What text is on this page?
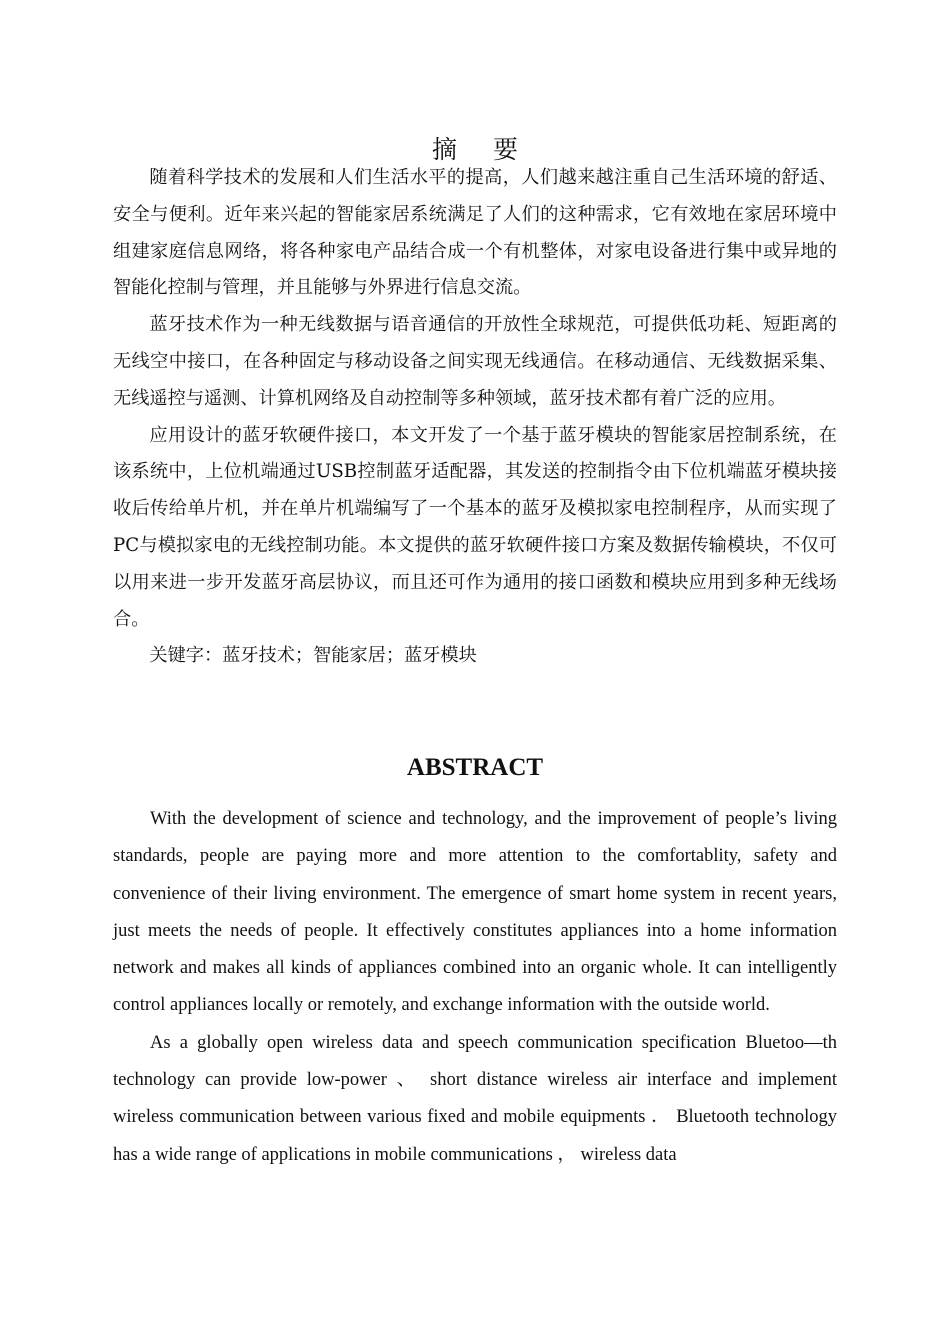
摘 要

随着科学技术的发展和人们生活水平的提高，人们越来越注重自己生活环境的舒适、安全与便利。近年来兴起的智能家居系统满足了人们的这种需求，它有效地在家居环境中组建家庭信息网络，将各种家电产品结合成一个有机整体，对家电设备进行集中或异地的智能化控制与管理，并且能够与外界进行信息交流。

蓝牙技术作为一种无线数据与语音通信的开放性全球规范，可提供低功耗、短距离的无线空中接口，在各种固定与移动设备之间实现无线通信。在移动通信、无线数据采集、无线遥控与遥测、计算机网络及自动控制等多种领域，蓝牙技术都有着广泛的应用。

应用设计的蓝牙软硬件接口，本文开发了一个基于蓝牙模块的智能家居控制系统，在该系统中，上位机端通过USB控制蓝牙适配器，其发送的控制指令由下位机端蓝牙模块接收后传给单片机，并在单片机端编写了一个基本的蓝牙及模拟家电控制程序，从而实现了PC与模拟家电的无线控制功能。本文提供的蓝牙软硬件接口方案及数据传输模块，不仅可以用来进一步开发蓝牙高层协议，而且还可作为通用的接口函数和模块应用到多种无线场合。

关键字：蓝牙技术；智能家居；蓝牙模块

ABSTRACT

With the development of science and technology, and the improvement of people’s living standards, people are paying more and more attention to the comfortablity, safety and convenience of their living environment. The emergence of smart home system in recent years, just meets the needs of people. It effectively constitutes appliances into a home information network and makes all kinds of appliances combined into an organic whole. It can intelligently control appliances locally or remotely, and exchange information with the outside world.

As a globally open wireless data and speech communication specification Bluetoo—th technology can provide low-power 、 short distance wireless air interface and implement wireless communication between various fixed and mobile equipments ． Bluetooth technology has a wide range of applications in mobile communications ， wireless data
